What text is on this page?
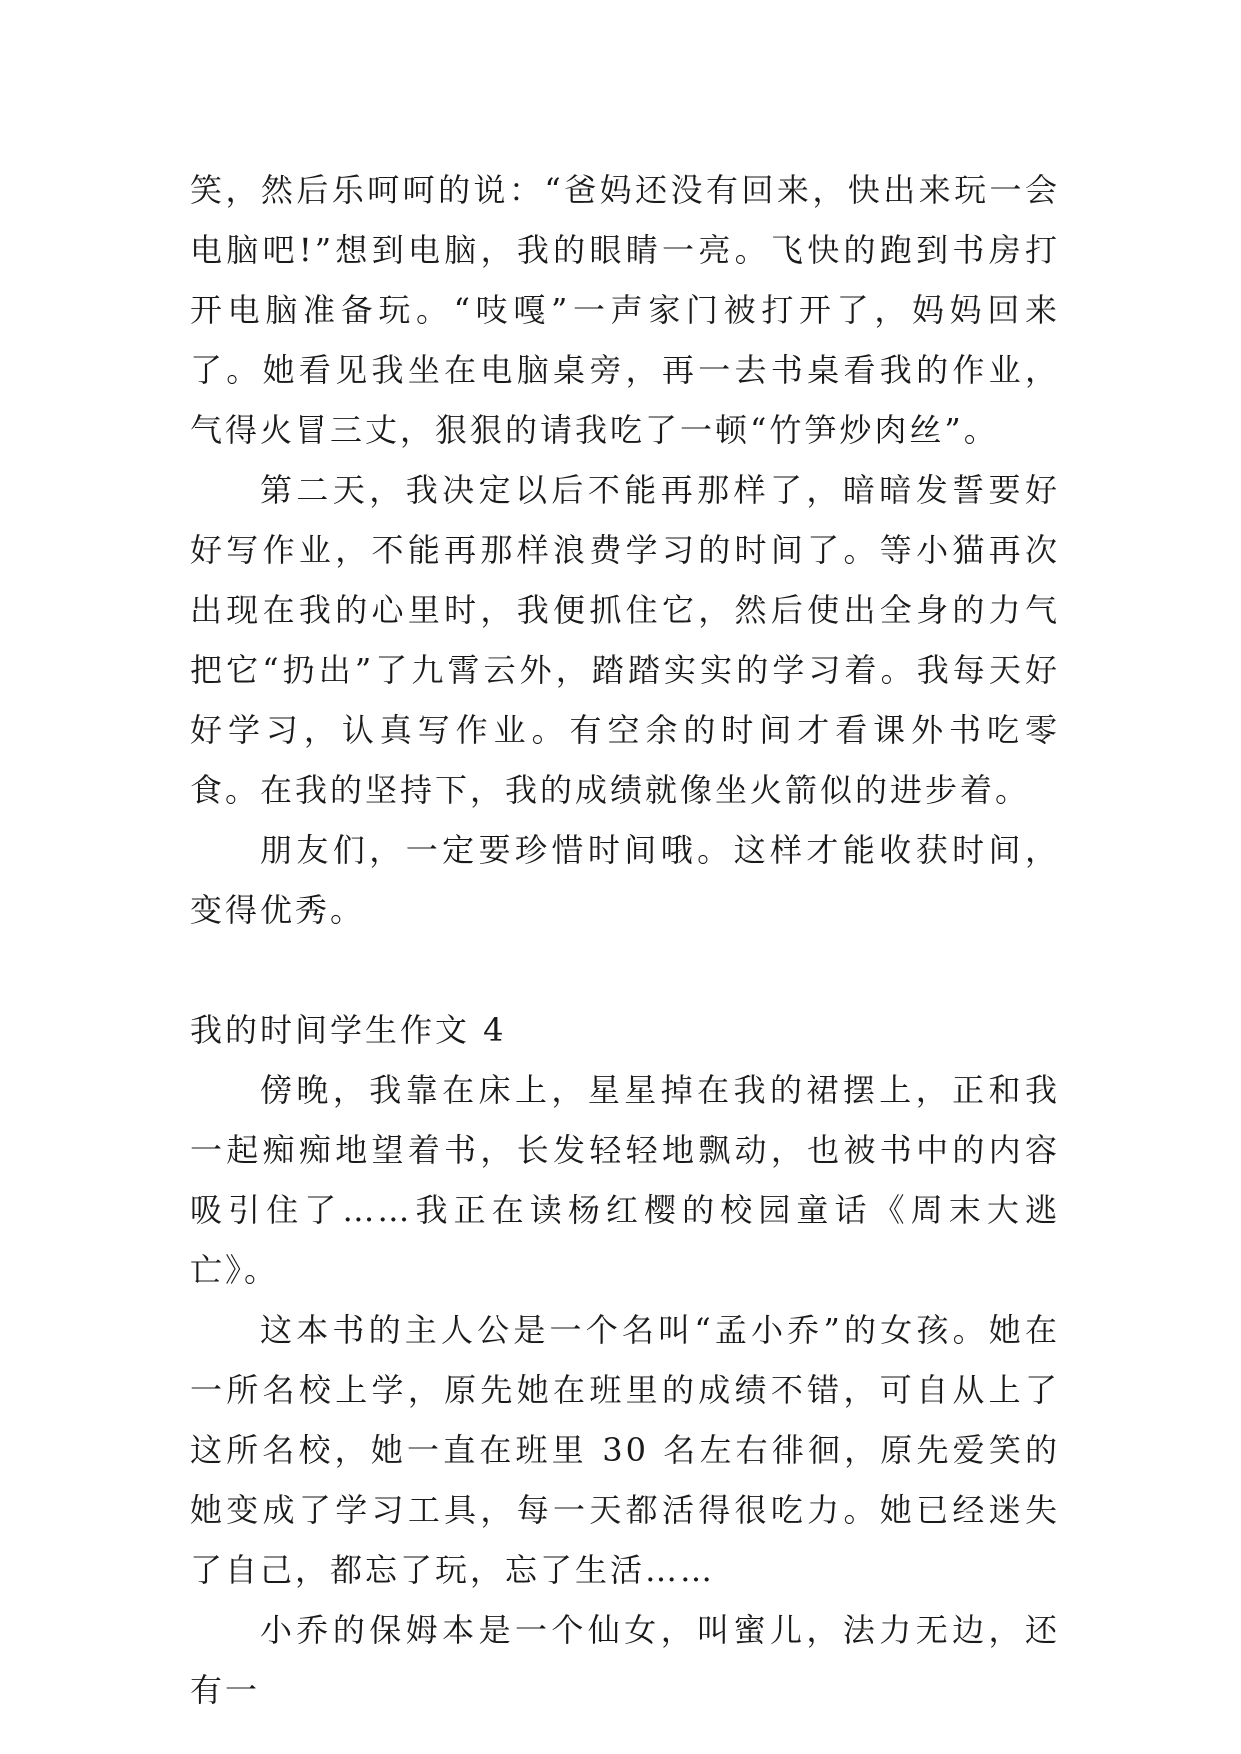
笑，然后乐呵呵的说：“爸妈还没有回来，快出来玩一会电脑吧!”想到电脑，我的眼睛一亮。飞快的跑到书房打开电脑准备玩。“吱嘎”一声家门被打开了，妈妈回来了。她看见我坐在电脑桌旁，再一去书桌看我的作业，气得火冒三丈，狠狠的请我吃了一顿“竹笋炒肉丝”。

第二天，我决定以后不能再那样了，暗暗发誓要好好写作业，不能再那样浪费学习的时间了。等小猫再次出现在我的心里时，我便抓住它，然后使出全身的力气把它“扔出”了九霄云外，踏踏实实的学习着。我每天好好学习，认真写作业。有空余的时间才看课外书吃零食。在我的坚持下，我的成绩就像坐火箭似的进步着。

朋友们，一定要珍惜时间哦。这样才能收获时间，变得优秀。

我的时间学生作文 4

傍晚，我靠在床上，星星掉在我的裙摆上，正和我一起痴痴地望着书，长发轻轻地飘动，也被书中的内容吸引住了……我正在读杨红樱的校园童话《周末大逃亡》。

这本书的主人公是一个名叫“孟小乔”的女孩。她在一所名校上学，原先她在班里的成绩不错，可自从上了这所名校，她一直在班里 30 名左右徘徊，原先爱笑的她变成了学习工具，每一天都活得很吃力。她已经迷失了自己，都忘了玩，忘了生活……

小乔的保姆本是一个仙女，叫蜜儿，法力无边，还有一
